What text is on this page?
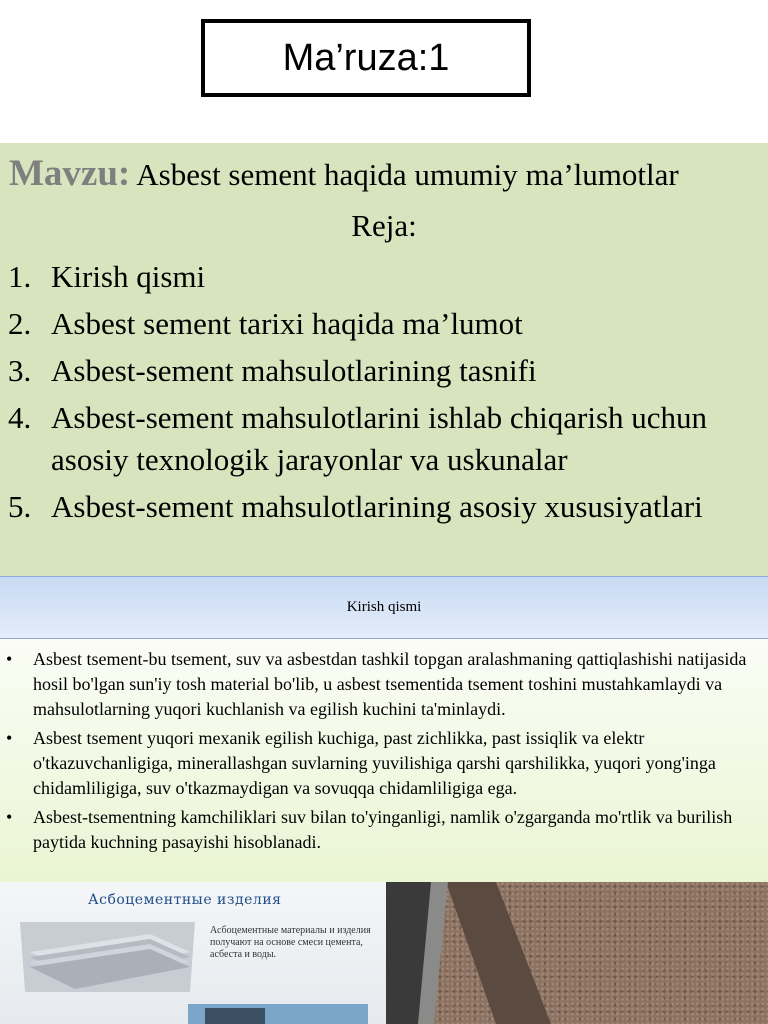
Ma’ruza:1
Mavzu: Asbest sement haqida umumiy ma’lumotlar
Reja:
1. Kirish qismi
2. Asbest sement tarixi haqida ma’lumot
3. Asbest-sement mahsulotlarining tasnifi
4. Asbest-sement mahsulotlarini ishlab chiqarish uchun asosiy texnologik jarayonlar va uskunalar
5. Asbest-sement mahsulotlarining asosiy xususiyatlari
Kirish qismi
•	Asbest tsement-bu tsement, suv va asbestdan tashkil topgan aralashmaning qattiqlashishi natijasida hosil bo'lgan sun'iy tosh material bo'lib, u asbest tsementida tsement toshini mustahkamlaydi va mahsulotlarning yuqori kuchlanish va egilish kuchini ta'minlaydi.
•	Asbest tsement yuqori mexanik egilish kuchiga, past zichlikka, past issiqlik va elektr o'tkazuvchanligiga, minerallashgan suvlarning yuvilishiga qarshi qarshilikka, yuqori yong'inga chidamliligiga, suv o'tkazmaydigan va sovuqqa chidamliligiga ega.
•	Asbest-tsementning kamchiliklari suv bilan to'yinganligi, namlik o'zgarganda mo'rtlik va burilish paytida kuchning pasayishi hisoblanadi.
Асбоцементные изделия
Асбоцементные материалы и изделия получают на основе смеси цемента, асбеста и воды.
